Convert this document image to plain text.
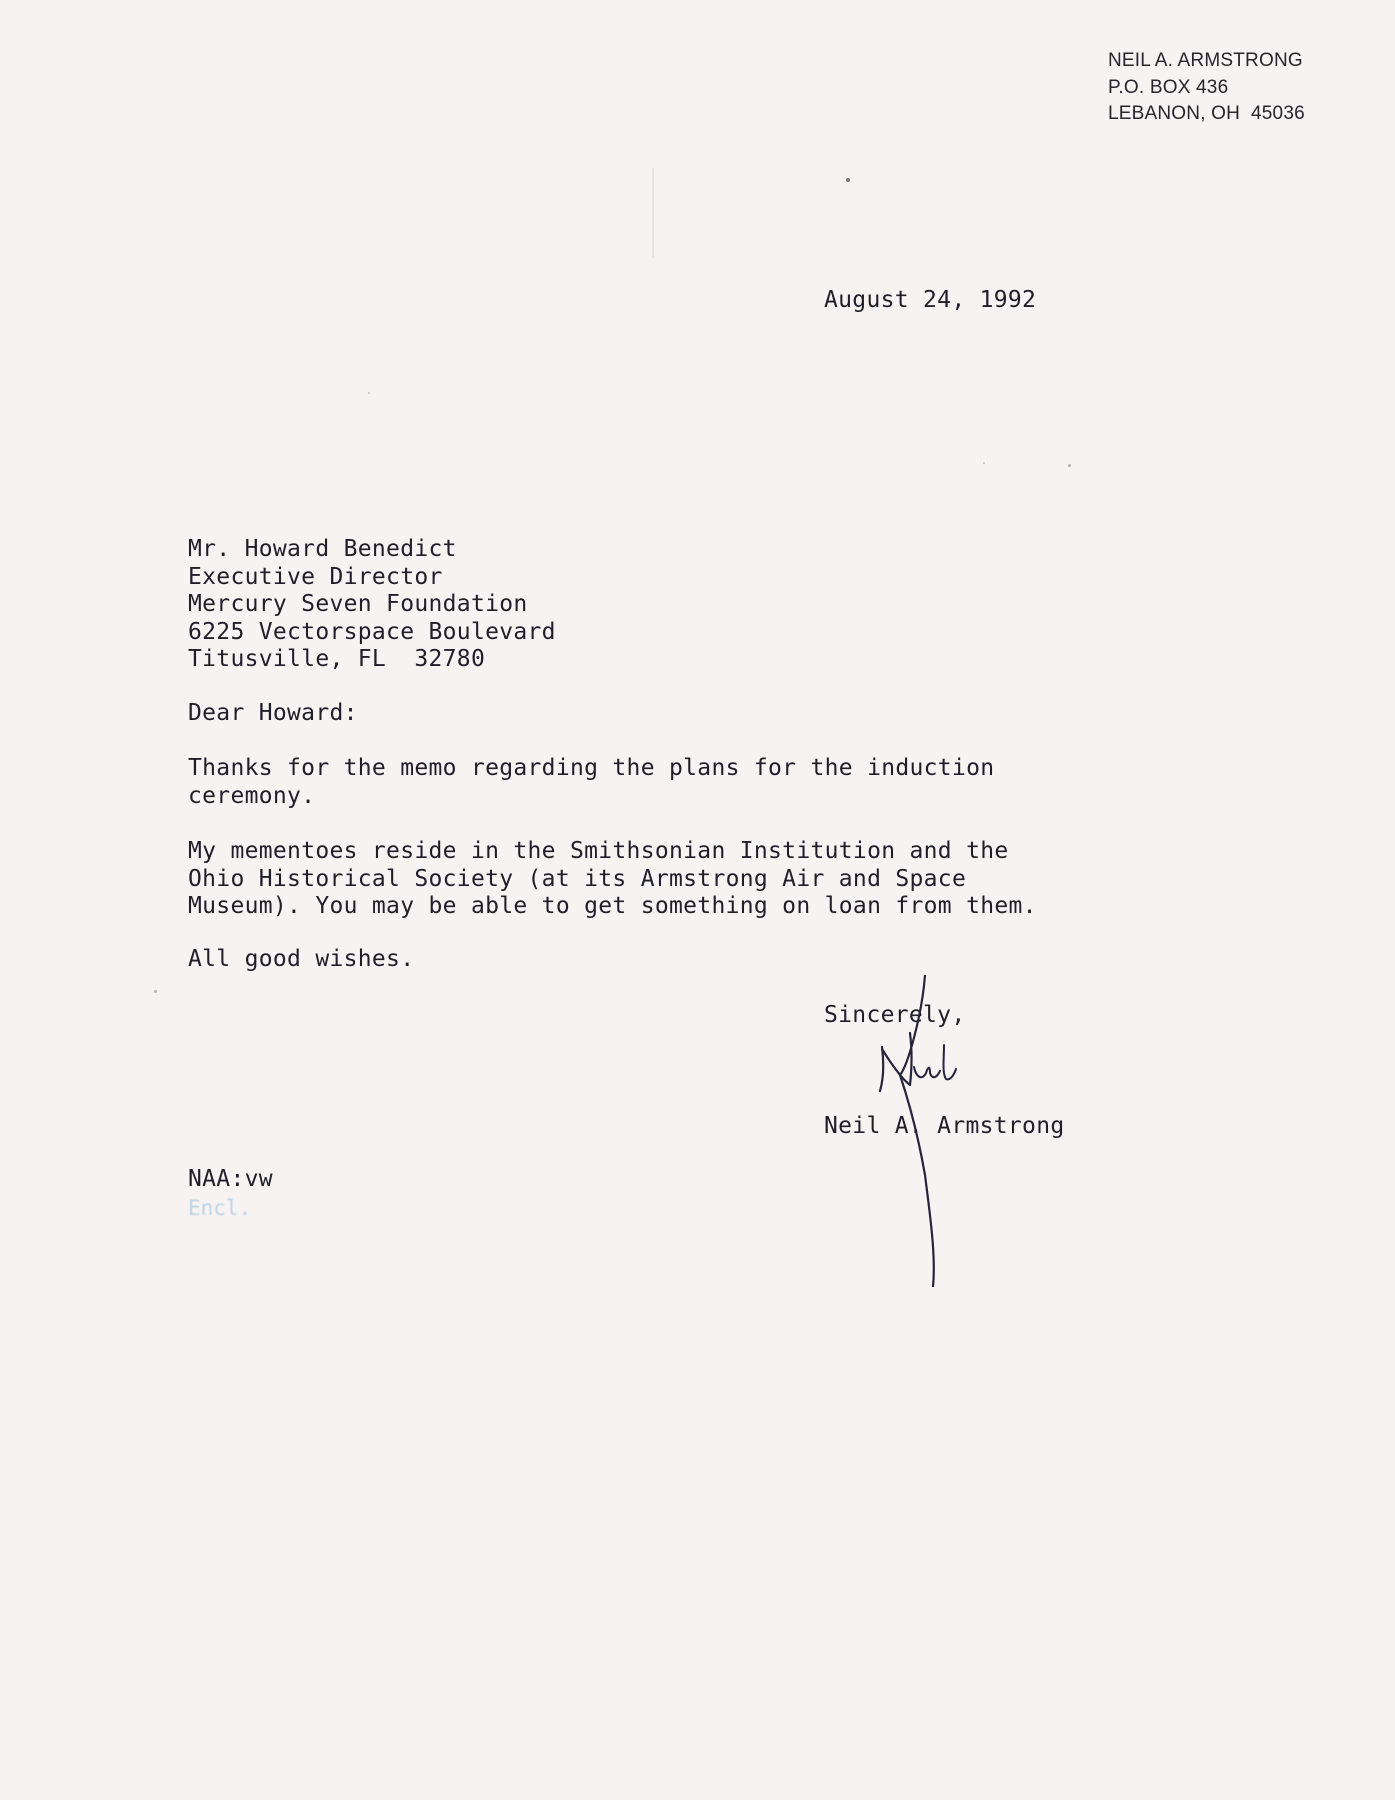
NEIL A. ARMSTRONG
P.O. BOX 436
LEBANON, OH  45036
August 24, 1992
Mr. Howard Benedict
Executive Director
Mercury Seven Foundation
6225 Vectorspace Boulevard
Titusville, FL  32780
Dear Howard:
Thanks for the memo regarding the plans for the induction
ceremony.
My mementoes reside in the Smithsonian Institution and the
Ohio Historical Society (at its Armstrong Air and Space
Museum). You may be able to get something on loan from them.
All good wishes.
Sincerely,
Neil A. Armstrong
NAA:vw
Encl.
